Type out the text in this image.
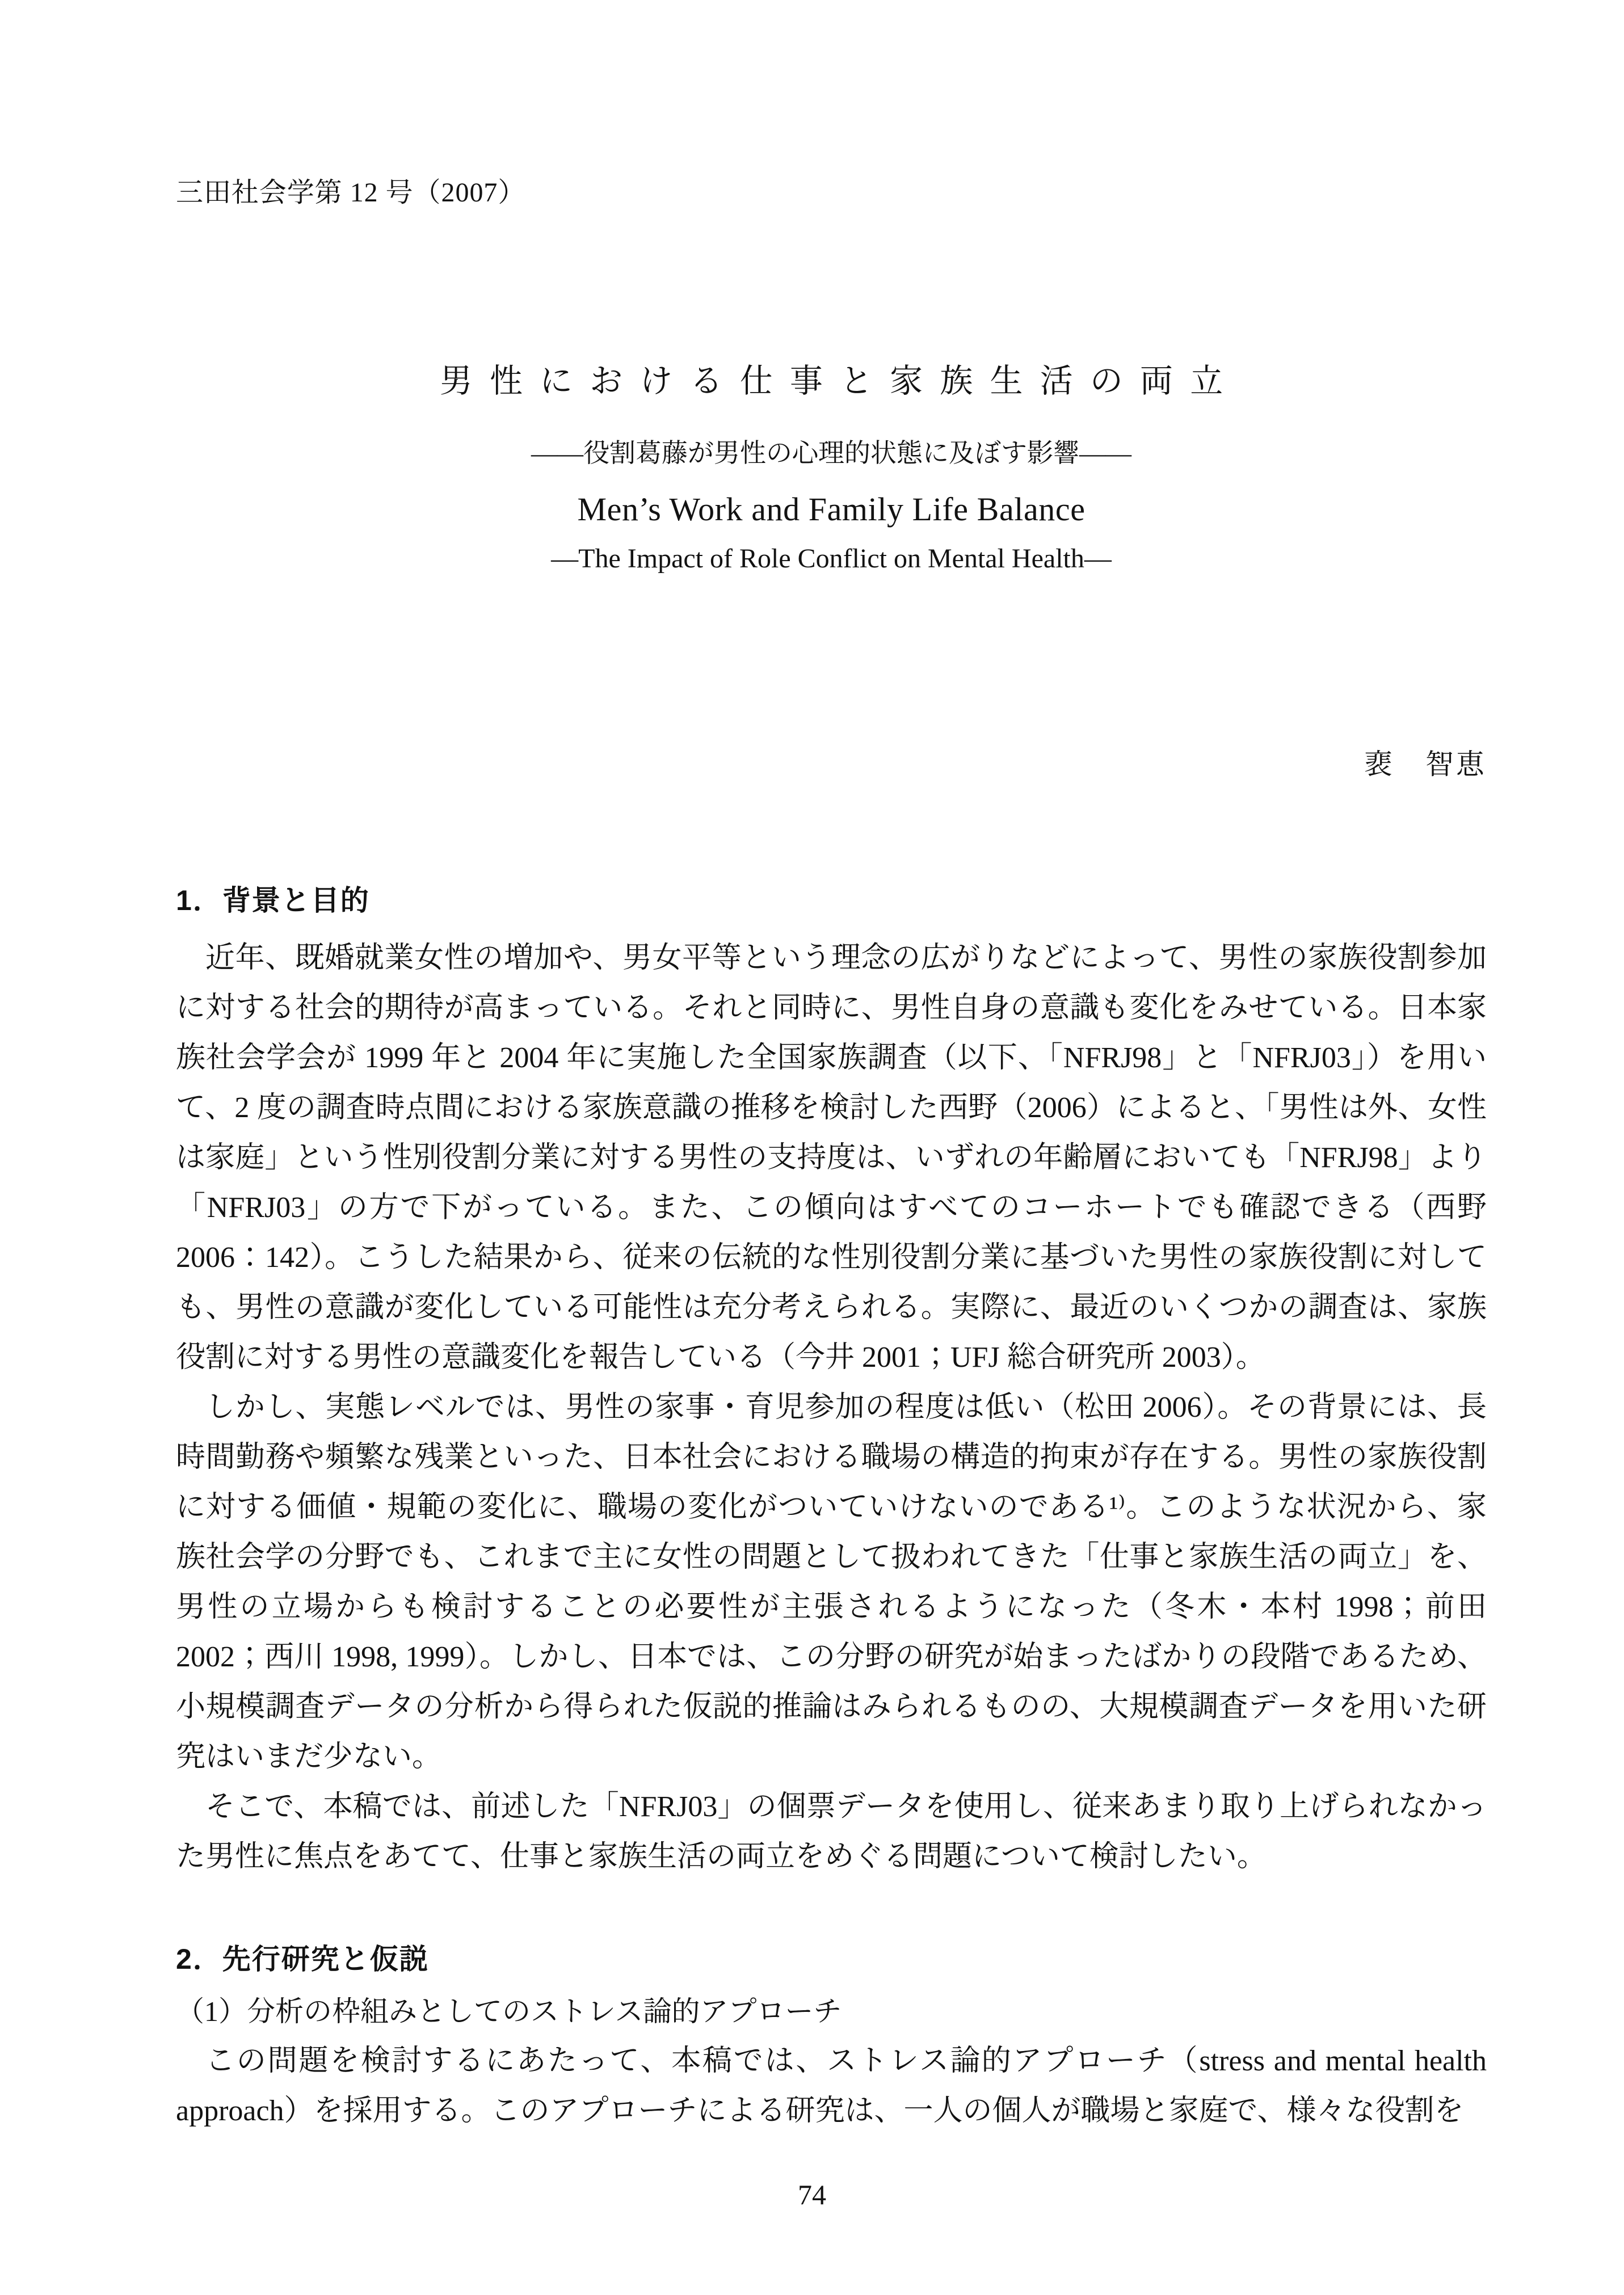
三田社会学第 12 号（2007）
男性における仕事と家族生活の両立
――役割葛藤が男性の心理的状態に及ぼす影響――
Men’s Work and Family Life Balance
—The Impact of Role Conflict on Mental Health—
裵　智恵
1．背景と目的

近年、既婚就業女性の増加や、男女平等という理念の広がりなどによって、男性の家族役割参加に対する社会的期待が高まっている。それと同時に、男性自身の意識も変化をみせている。日本家族社会学会が 1999 年と 2004 年に実施した全国家族調査（以下、「NFRJ98」と「NFRJ03」）を用いて、2 度の調査時点間における家族意識の推移を検討した西野（2006）によると、「男性は外、女性は家庭」という性別役割分業に対する男性の支持度は、いずれの年齢層においても「NFRJ98」より「NFRJ03」の方で下がっている。また、この傾向はすべてのコーホートでも確認できる（西野 2006：142）。こうした結果から、従来の伝統的な性別役割分業に基づいた男性の家族役割に対しても、男性の意識が変化している可能性は充分考えられる。実際に、最近のいくつかの調査は、家族役割に対する男性の意識変化を報告している（今井 2001；UFJ 総合研究所 2003）。

しかし、実態レベルでは、男性の家事・育児参加の程度は低い（松田 2006）。その背景には、長時間勤務や頻繁な残業といった、日本社会における職場の構造的拘束が存在する。男性の家族役割に対する価値・規範の変化に、職場の変化がついていけないのである¹⁾。このような状況から、家族社会学の分野でも、これまで主に女性の問題として扱われてきた「仕事と家族生活の両立」を、男性の立場からも検討することの必要性が主張されるようになった（冬木・本村 1998；前田 2002；西川 1998, 1999）。しかし、日本では、この分野の研究が始まったばかりの段階であるため、小規模調査データの分析から得られた仮説的推論はみられるものの、大規模調査データを用いた研究はいまだ少ない。

そこで、本稿では、前述した「NFRJ03」の個票データを使用し、従来あまり取り上げられなかった男性に焦点をあてて、仕事と家族生活の両立をめぐる問題について検討したい。

2．先行研究と仮説
（1）分析の枠組みとしてのストレス論的アプローチ

この問題を検討するにあたって、本稿では、ストレス論的アプローチ（stress and mental health approach）を採用する。このアプローチによる研究は、一人の個人が職場と家庭で、様々な役割を

74
